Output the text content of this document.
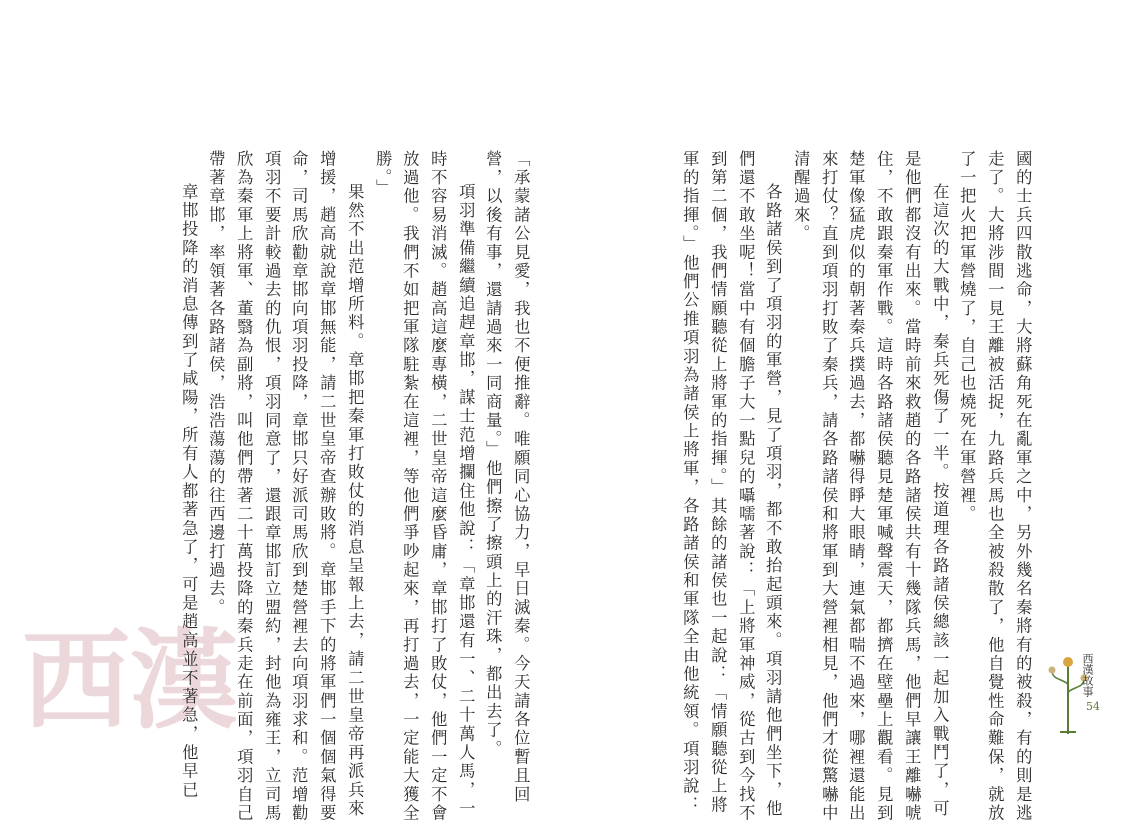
西漢	國的士兵四散逃命，大將蘇角死在亂軍之中，另外幾名秦將有的被殺，有的則是逃
走了。大將涉間一見王離被活捉，九路兵馬也全被殺散了，他自覺性命難保，就放
了一把火把軍營燒了，自己也燒死在軍營裡。
在這次的大戰中，秦兵死傷了一半。按道理各路諸侯總該一起加入戰鬥了，可
是他們都沒有出來。當時前來救趙的各路諸侯共有十幾隊兵馬，他們早讓王離嚇唬
住，不敢跟秦軍作戰。這時各路諸侯聽見楚軍喊聲震天，都擠在壁壘上觀看。見到
楚軍像猛虎似的朝著秦兵撲過去，都嚇得睜大眼睛，連氣都喘不過來，哪裡還能出
來打仗？直到項羽打敗了秦兵，請各路諸侯和將軍到大營裡相見，他們才從驚嚇中
清醒過來。
各路諸侯到了項羽的軍營，見了項羽，都不敢抬起頭來。項羽請他們坐下，他
們還不敢坐呢！當中有個膽子大一點兒的囁嚅著說：「上將軍神威，從古到今找不
到第二個，我們情願聽從上將軍的指揮。」其餘的諸侯也一起說：「情願聽從上將
軍的指揮。」他們公推項羽為諸侯上將軍，各路諸侯和軍隊全由他統領。項羽說：
「承蒙諸公見愛，我也不便推辭。唯願同心協力，早日滅秦。今天請各位暫且回
營，以後有事，還請過來一同商量。」他們擦了擦頭上的汗珠，都出去了。
項羽準備繼續追趕章邯，謀士范增攔住他說：「章邯還有一、二十萬人馬，一
時不容易消滅。趙高這麼專橫，二世皇帝這麼昏庸，章邯打了敗仗，他們一定不會
放過他。我們不如把軍隊駐紮在這裡，等他們爭吵起來，再打過去，一定能大獲全
勝。」
果然不出范增所料。章邯把秦軍打敗仗的消息呈報上去，請二世皇帝再派兵來
增援，趙高就說章邯無能，請二世皇帝查辦敗將。章邯手下的將軍們一個個氣得要
命，司馬欣勸章邯向項羽投降，章邯只好派司馬欣到楚營裡去向項羽求和。范增勸
項羽不要計較過去的仇恨，項羽同意了，還跟章邯訂立盟約，封他為雍王，立司馬
欣為秦軍上將軍、董翳為副將，叫他們帶著二十萬投降的秦兵走在前面，項羽自己
帶著章邯，率領著各路諸侯，浩浩蕩蕩的往西邊打過去。
章邯投降的消息傳到了咸陽，所有人都著急了，可是趙高並不著急，他早已	西漢故事
54
